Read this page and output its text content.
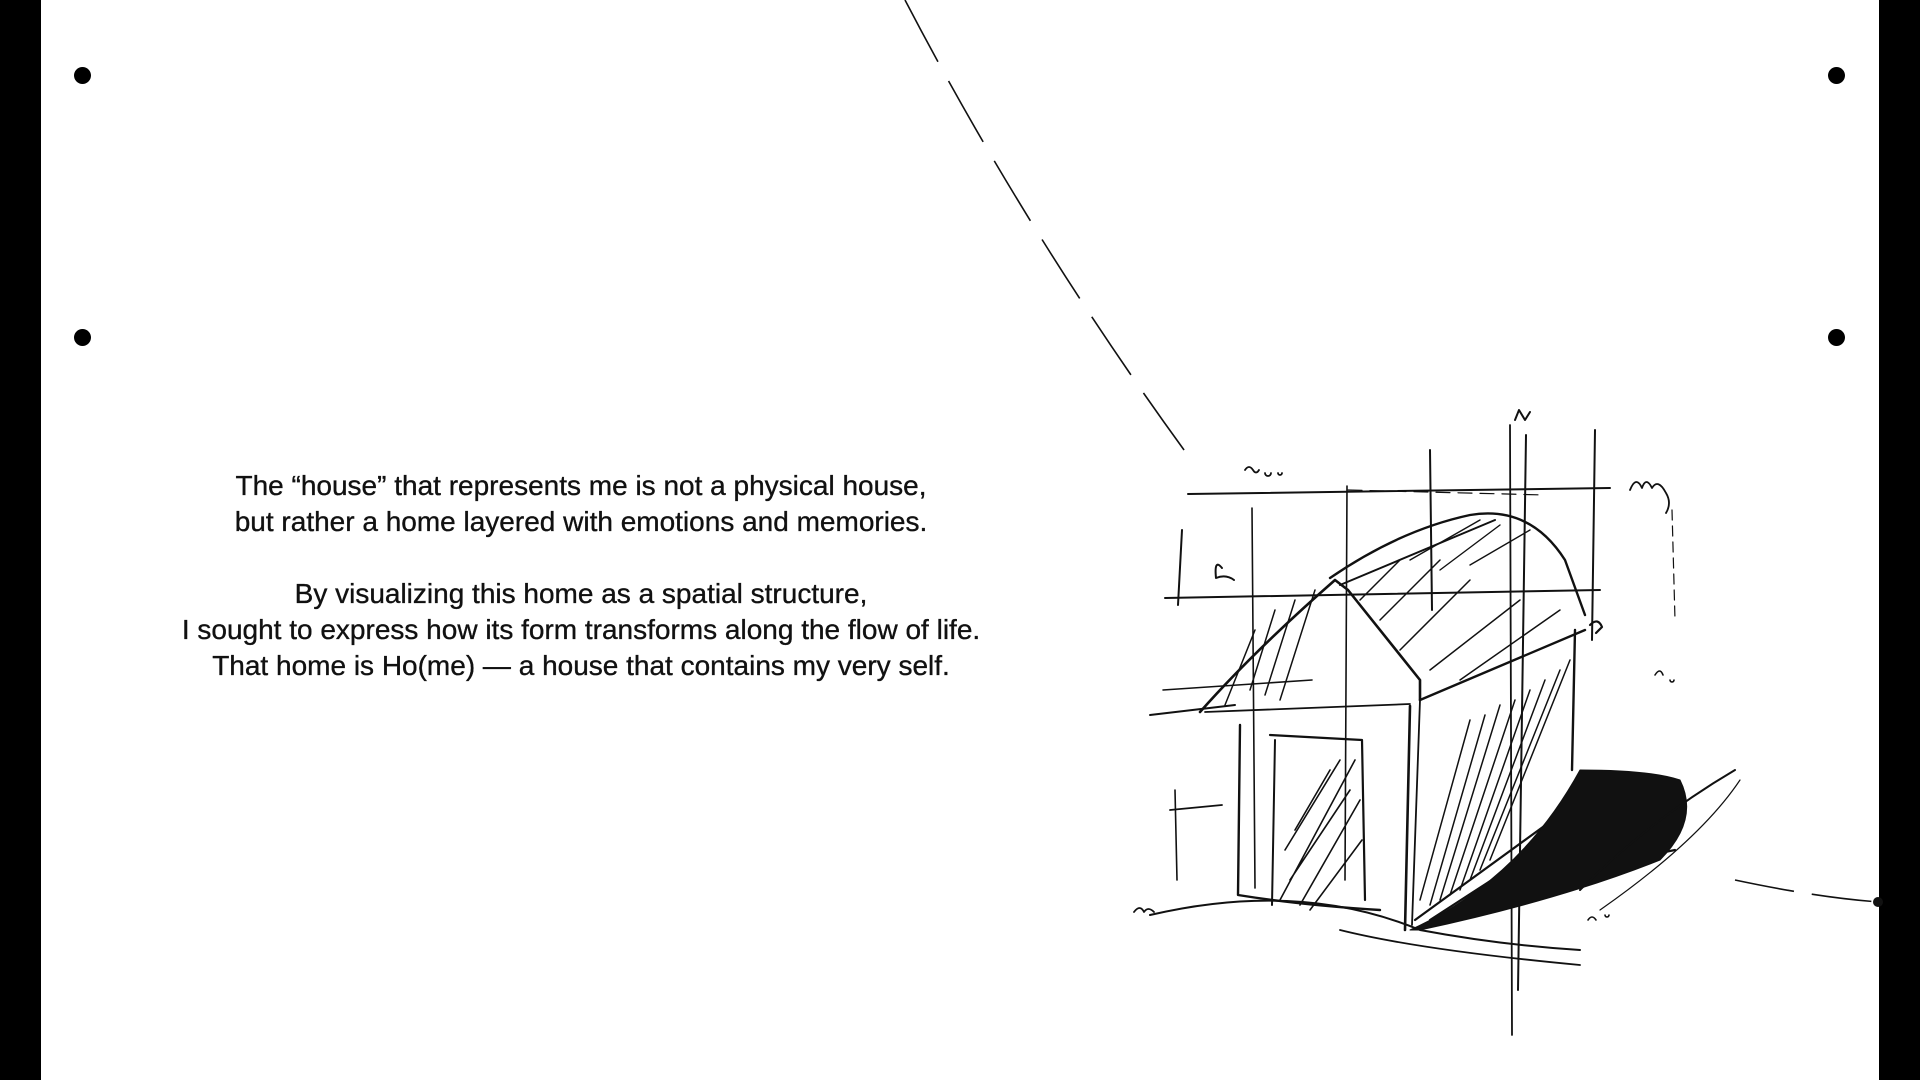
The “house” that represents me is not a physical house,
but rather a home layered with emotions and memories.

By visualizing this home as a spatial structure,
I sought to express how its form transforms along the flow of life.
That home is Ho(me) — a house that contains my very self.
